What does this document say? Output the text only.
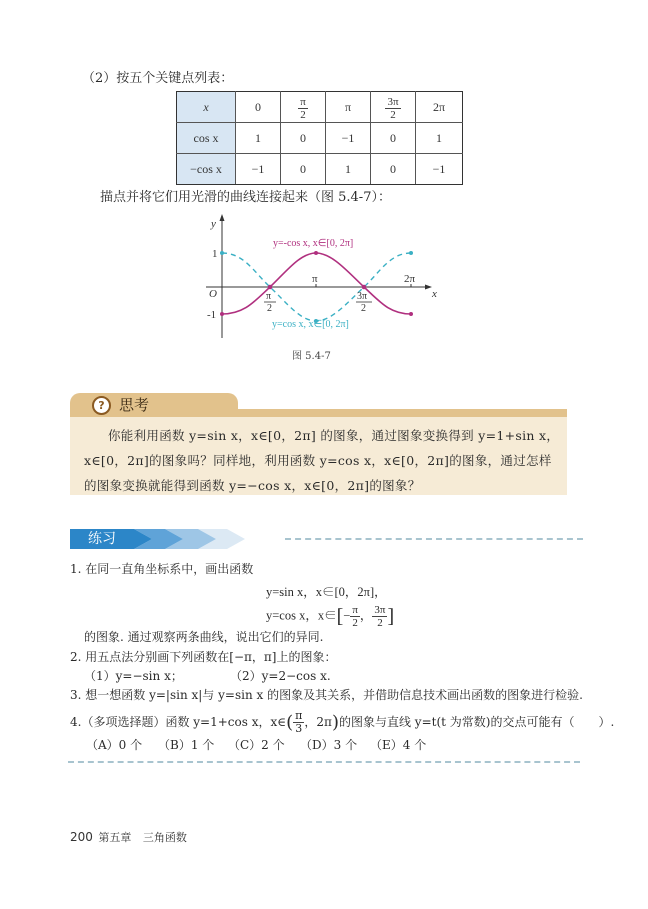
（2）按五个关键点列表：
x	0	$\frac{\pi}{2}$	π	$\frac{3\pi}{2}$	2π
cos x	1	0	−1	0	1
−cos x	−1	0	1	0	−1
描点并将它们用光滑的曲线连接起来（图 5.4-7）：
y
x
O
1
-1
π	2π
π
2
3π
2
y=-cos x, x∈[0, 2π]
y=cos x, x∈[0, 2π]
图 5.4-7
? 思考
你能利用函数 y=sin x，x∈[0，2π] 的图象，通过图象变换得到 y=1+sin x，
x∈[0，2π]的图象吗？同样地，利用函数 y=cos x，x∈[0，2π]的图象，通过怎样
的图象变换就能得到函数 y=−cos x，x∈[0，2π]的图象？
练习
1. 在同一直角坐标系中，画出函数
y=sin x，x∈[0，2π]，
y=cos x，x∈[− $\frac{\pi}{2}$ ， $\frac{3\pi}{2}$ ]
的图象. 通过观察两条曲线，说出它们的异同.
2. 用五点法分别画下列函数在[−π，π]上的图象：
（1）y=−sin x；	（2）y=2−cos x.
3. 想一想函数 y=|sin x|与 y=sin x 的图象及其关系，并借助信息技术画出函数的图象进行检验.
4.（多项选择题）函数 y=1+cos x，x∈( $\frac{\pi}{3}$ ，2π)的图象与直线 y=t(t 为常数)的交点可能有（　　）.
（A）0 个 （B）1 个 （C）2 个 （D）3 个 （E）4 个
200 第五章 三角函数
